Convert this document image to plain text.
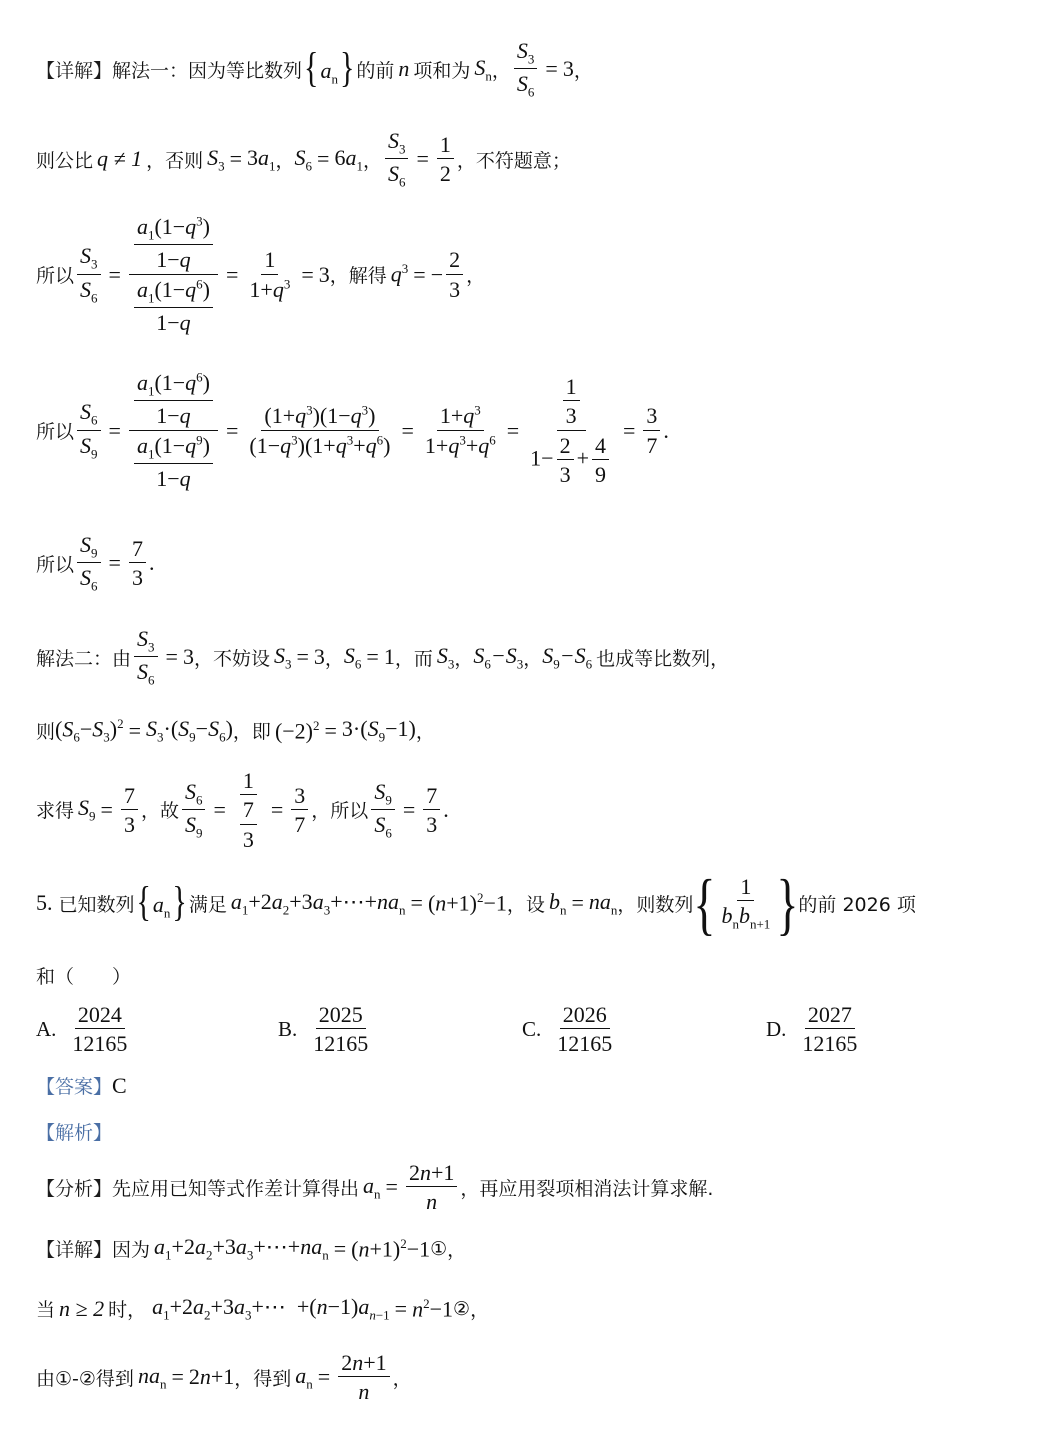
【详解】 解法一：因为等比数列 $\{a_n\}$ 的前 n 项和为 $S_n$ ， $\frac{S_3}{S_6} = 3$ ，
则公比 q ≠ 1 ，否则 $S_3 = 3a_1$ ， $S_6 = 6a_1$ ， $\frac{S_3}{S_6} = \frac{1}{2}$ ， 不符题意；
所以 $\frac{S_3}{S_6} = \frac{\frac{a_1(1-q^3)}{1-q}}{\frac{a_1(1-q^6)}{1-q}} = \frac{1}{1+q^3} = 3$ ，解得 $q^3$ = − $\frac{2}{3}$ ，
所以 $\frac{S_6}{S_9} = \frac{\frac{a_1(1-q^6)}{1-q}}{\frac{a_1(1-q^9)}{1-q}} = \frac{(1+q^3)(1-q^3)}{(1-q^3)(1+q^3+q^6)} = \frac{1+q^3}{1+q^3+q^6} = \frac{\frac{1}{3}}{1- \frac{2}{3} + \frac{4}{9}} = \frac{3}{7}$ .
所以 $\frac{S_9}{S_6} = \frac{7}{3}$ .
解法二：由 $\frac{S_3}{S_6} = 3$ ，不妨设 $S_3 = 3$ ， $S_6 = 1$ ，而 $S_3$ ， $S_6-S_3$ ， $S_9-S_6$ 也成等比数列，
则 $(S_6-S_3)^2 = S_3\cdot(S_9-S_6)$ ，即 $(-2)^2 = 3\cdot(S_9-1)$ ，
求得 $S_9 = \frac{7}{3}$ ，故 $\frac{S_6}{S_9} = \frac{1}{\frac{7}{3}} = \frac{3}{7}$ ，所以 $\frac{S_9}{S_6} = \frac{7}{3}$ .
5. 已知数列 $\{a_n\}$ 满足 $a_1+2a_2+3a_3+\cdots+na_n = (n+1)^2-1$ ，设 $b_n = na_n$ ，则数列 { $\frac{1}{b_nb_{n+1}}$ } 的前 2026 项
和（　　）
A. $\frac{2024}{12165}$	B. $\frac{2025}{12165}$	C. $\frac{2026}{12165}$	D. $\frac{2027}{12165}$
【答案】 C
【解析】
【分析】 先应用已知等式作差计算得出 $a_n = \frac{2n+1}{n}$ ，再应用裂项相消法计算求解.
【详解】 因为 $a_1+2a_2+3a_3+\cdots+na_n = (n+1)^2-1$ ① ，
当 n ≥ 2 时， $a_1+2a_2+3a_3+\cdots +(n-1)a_{n-1} = n^2-1$ ② ，
由①-②得到 $na_n = 2n+1$ ，得到 $a_n = \frac{2n+1}{n}$ ，
